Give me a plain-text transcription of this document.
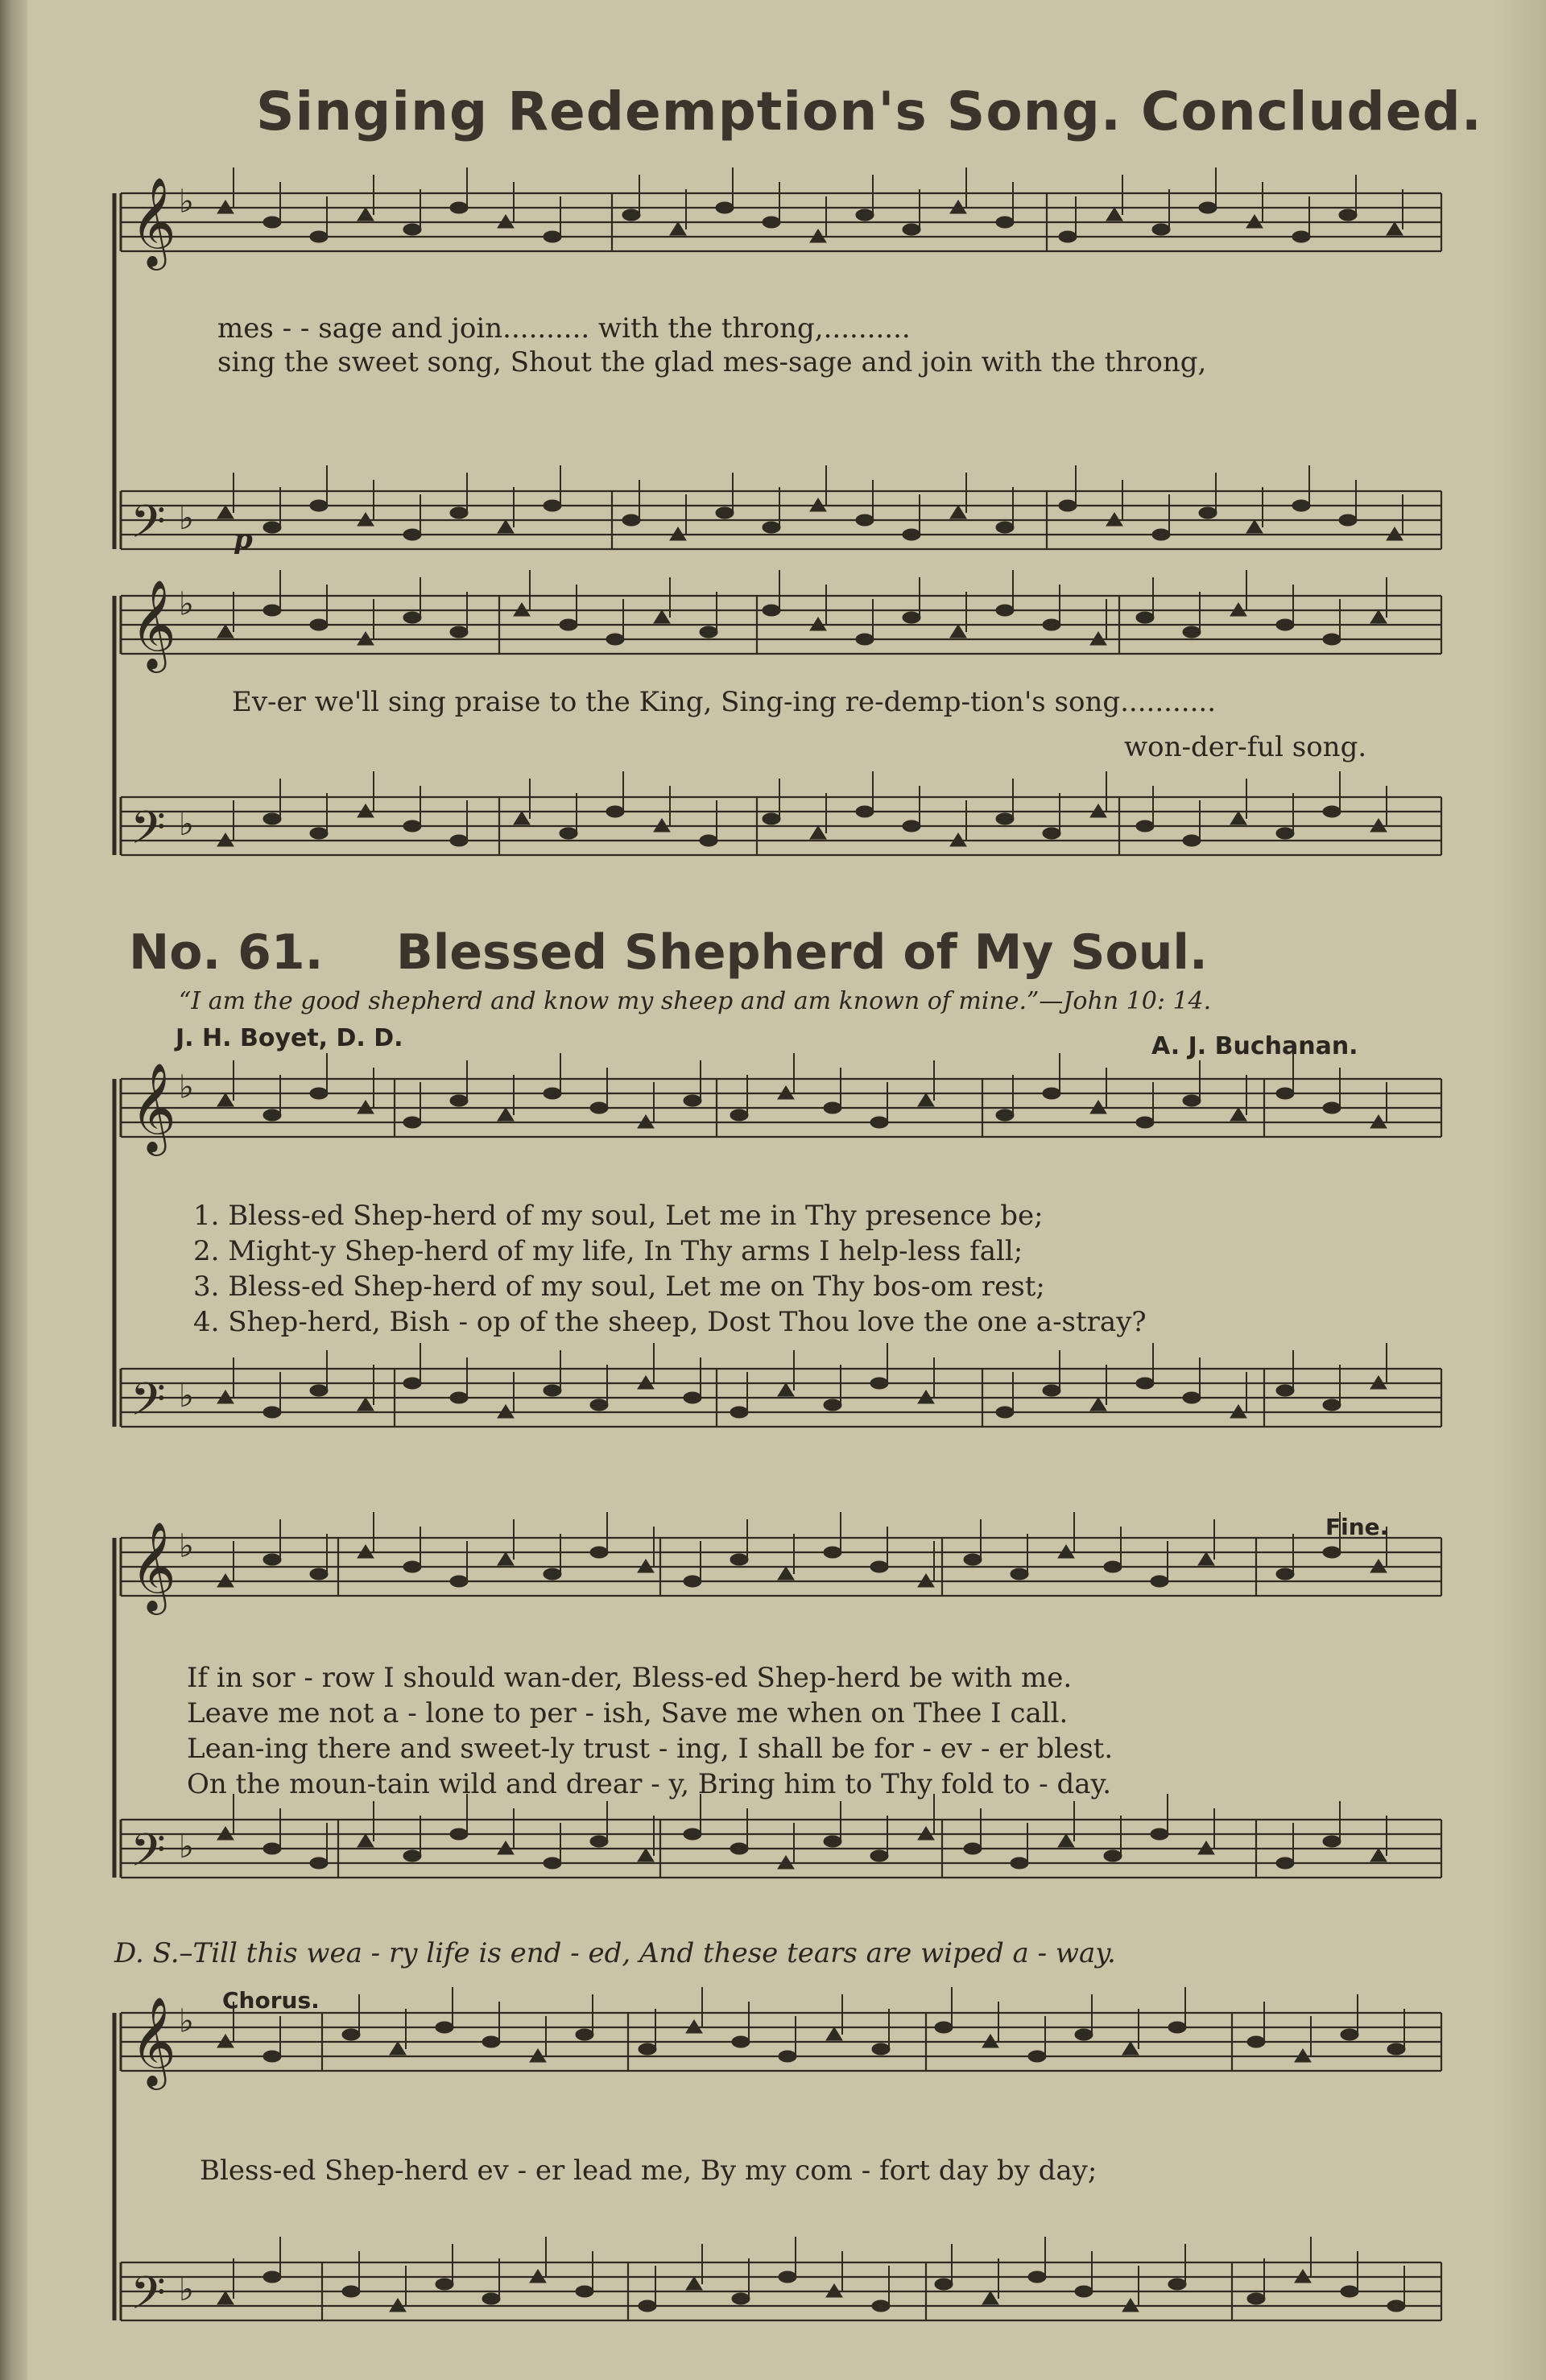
Singing Redemption's Song. Concluded.
𝄞 ♭
𝄢 ♭
𝄞 ♭
𝄢 ♭
𝄞 ♭
𝄢 ♭
𝄞 ♭
𝄢 ♭
𝄞 ♭
𝄢 ♭
mes - - sage and join.......... with the throng,..........
sing the sweet song, Shout the glad mes-sage and join with the throng,
p
Ev-er we'll sing praise to the King, Sing-ing re-demp-tion's song...........
won-der-ful song.
No. 61. Blessed Shepherd of My Soul.
“I am the good shepherd and know my sheep and am known of mine.”—John 10: 14.
J. H. Boyet, D. D.	A. J. Buchanan.
1. Bless-ed Shep-herd of my soul, Let me in Thy presence be;
2. Might-y Shep-herd of my life, In Thy arms I help-less fall;
3. Bless-ed Shep-herd of my soul, Let me on Thy bos-om rest;
4. Shep-herd, Bish - op of the sheep, Dost Thou love the one a-stray?
Fine.
If in sor - row I should wan-der, Bless-ed Shep-herd be with me.
Leave me not a - lone to per - ish, Save me when on Thee I call.
Lean-ing there and sweet-ly trust - ing, I shall be for - ev - er blest.
On the moun-tain wild and drear - y, Bring him to Thy fold to - day.
D. S.–Till this wea - ry life is end - ed, And these tears are wiped a - way.
Chorus.
Bless-ed Shep-herd ev - er lead me, By my com - fort day by day;
